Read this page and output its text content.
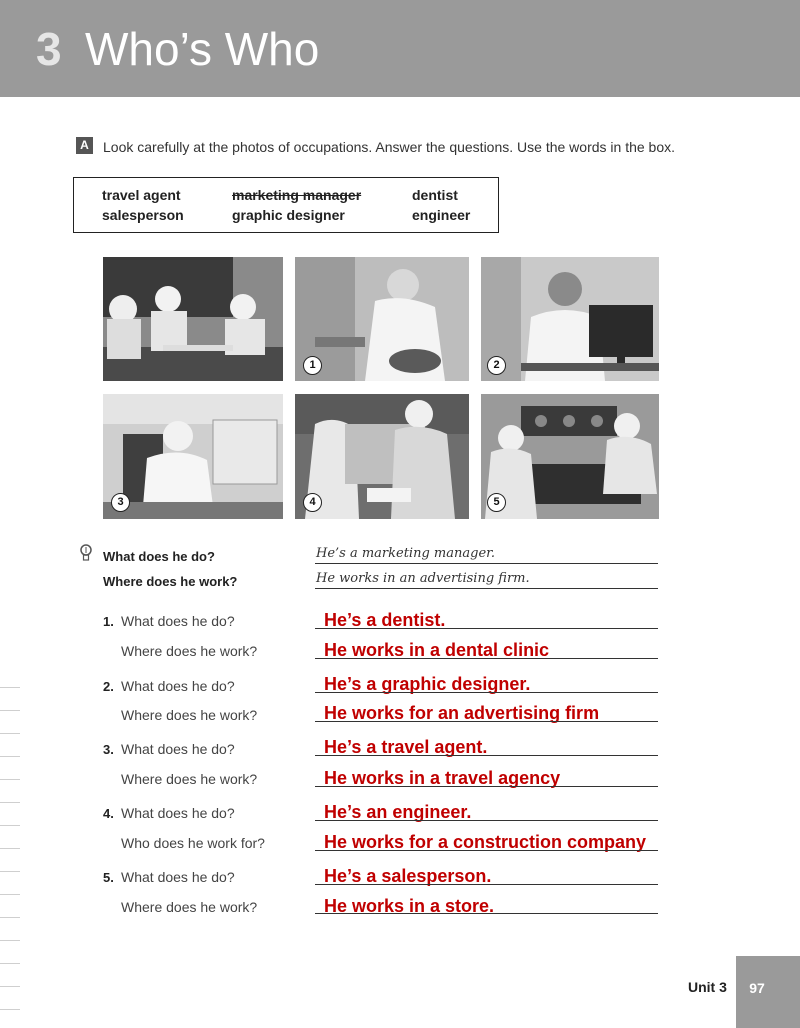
3 Who’s Who
A Look carefully at the photos of occupations. Answer the questions. Use the words in the box.
travel agent	marketing manager	dentist
salesperson	graphic designer	engineer
1	2
3	4	5
What does he do?	He’s a marketing manager.
Where does he work?	He works in an advertising firm.
1. What does he do?	He’s a dentist.
Where does he work?	He works in a dental clinic
2. What does he do?	He’s a graphic designer.
Where does he work?	He works for an advertising firm
3. What does he do?	He’s a travel agent.
Where does he work?	He works in a travel agency
4. What does he do?	He’s an engineer.
Who does he work for?	He works for a construction company
5. What does he do?	He’s a salesperson.
Where does he work?	He works in a store.
Unit 3	97
